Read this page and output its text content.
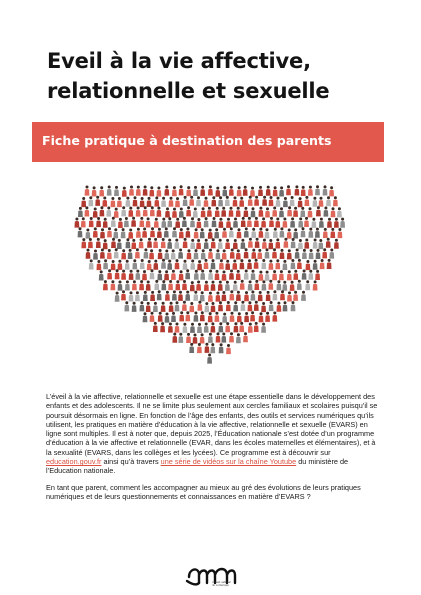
Eveil à la vie affective,
relationnelle et sexuelle
Fiche pratique à destination des parents

L’éveil à la vie affective, relationnelle et sexuelle est une étape essentielle dans le développement des enfants et des adolescents. Il ne se limite plus seulement aux cercles familiaux et scolaires puisqu’il se poursuit désormais en ligne. En fonction de l’âge des enfants, des outils et services numériques qu’ils utilisent, les pratiques en matière d’éducation à la vie affective, relationnelle et sexuelle (EVARS) en ligne sont multiples. Il est à noter que, depuis 2025, l’Éducation nationale s’est dotée d’un programme d’éducation à la vie affective et relationnelle (EVAR, dans les écoles maternelles et élémentaires), et à la sexualité (EVARS, dans les collèges et les lycées). Ce programme est à découvrir sur education.gouv.fr ainsi qu’à travers une série de vidéos sur la chaîne Youtube du ministère de l’Education nationale.

En tant que parent, comment les accompagner au mieux au gré des évolutions de leurs pratiques numériques et de leurs questionnements et connaissances en matière d’EVARS ?

conseil national
du numérique
